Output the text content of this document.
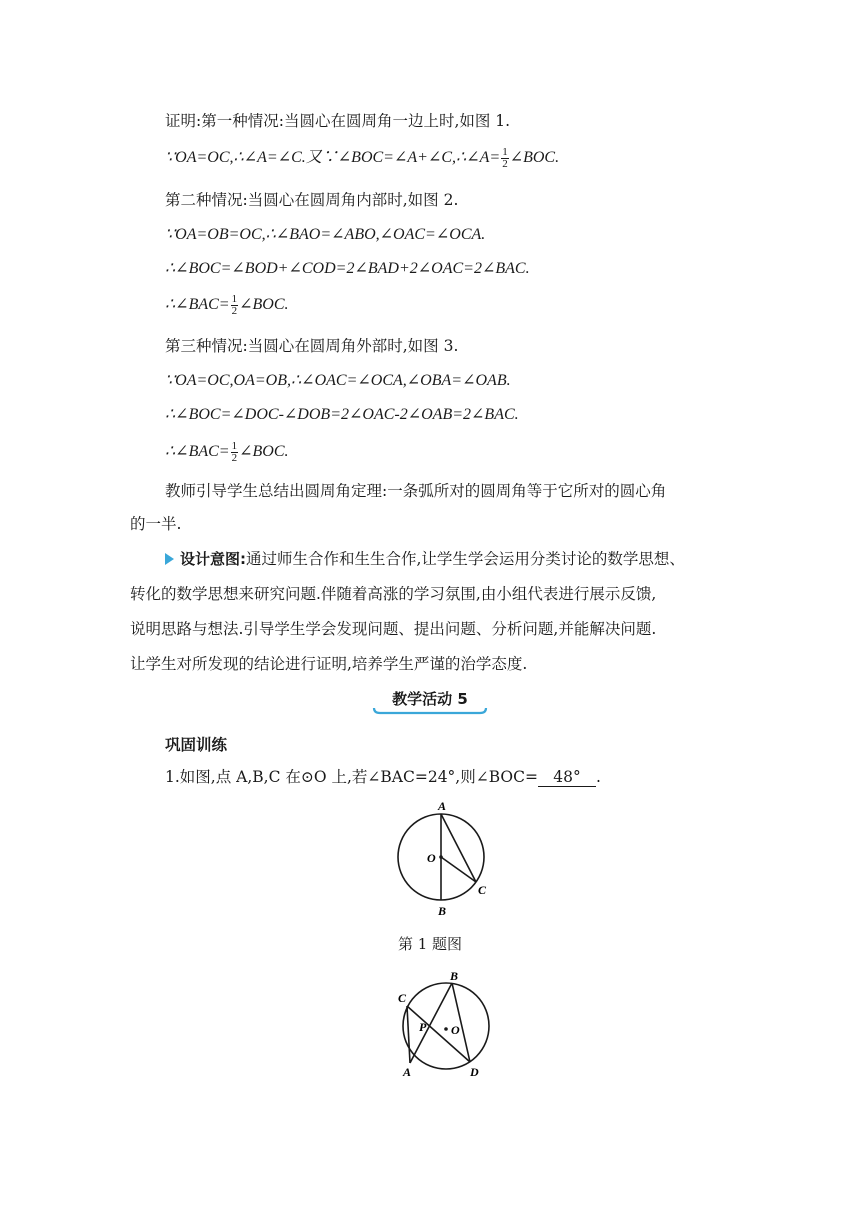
证明:第一种情况:当圆心在圆周角一边上时,如图 1.
∵OA=OC,∴∠A=∠C.又∵∠BOC=∠A+∠C,∴∠A= $\frac{1}{2}$ ∠BOC.
第二种情况:当圆心在圆周角内部时,如图 2.
∵OA=OB=OC,∴∠BAO=∠ABO,∠OAC=∠OCA.
∴∠BOC=∠BOD+∠COD=2∠BAD+2∠OAC=2∠BAC.
∴∠BAC= $\frac{1}{2}$ ∠BOC.
第三种情况:当圆心在圆周角外部时,如图 3.
∵OA=OC,OA=OB,∴∠OAC=∠OCA,∠OBA=∠OAB.
∴∠BOC=∠DOC-∠DOB=2∠OAC-2∠OAB=2∠BAC.
∴∠BAC= $\frac{1}{2}$ ∠BOC.
教师引导学生总结出圆周角定理:一条弧所对的圆周角等于它所对的圆心角
的一半.
设计意图:通过师生合作和生生合作,让学生学会运用分类讨论的数学思想、
转化的数学思想来研究问题.伴随着高涨的学习氛围,由小组代表进行展示反馈,
说明思路与想法.引导学生学会发现问题、提出问题、分析问题,并能解决问题.
让学生对所发现的结论进行证明,培养学生严谨的治学态度.
教学活动 5
巩固训练
1.如图,点 A,B,C 在⊙O 上,若∠BAC=24°,则∠BOC= 48° .
A
O
B
C
第 1 题图
B
C
P O
A	D
